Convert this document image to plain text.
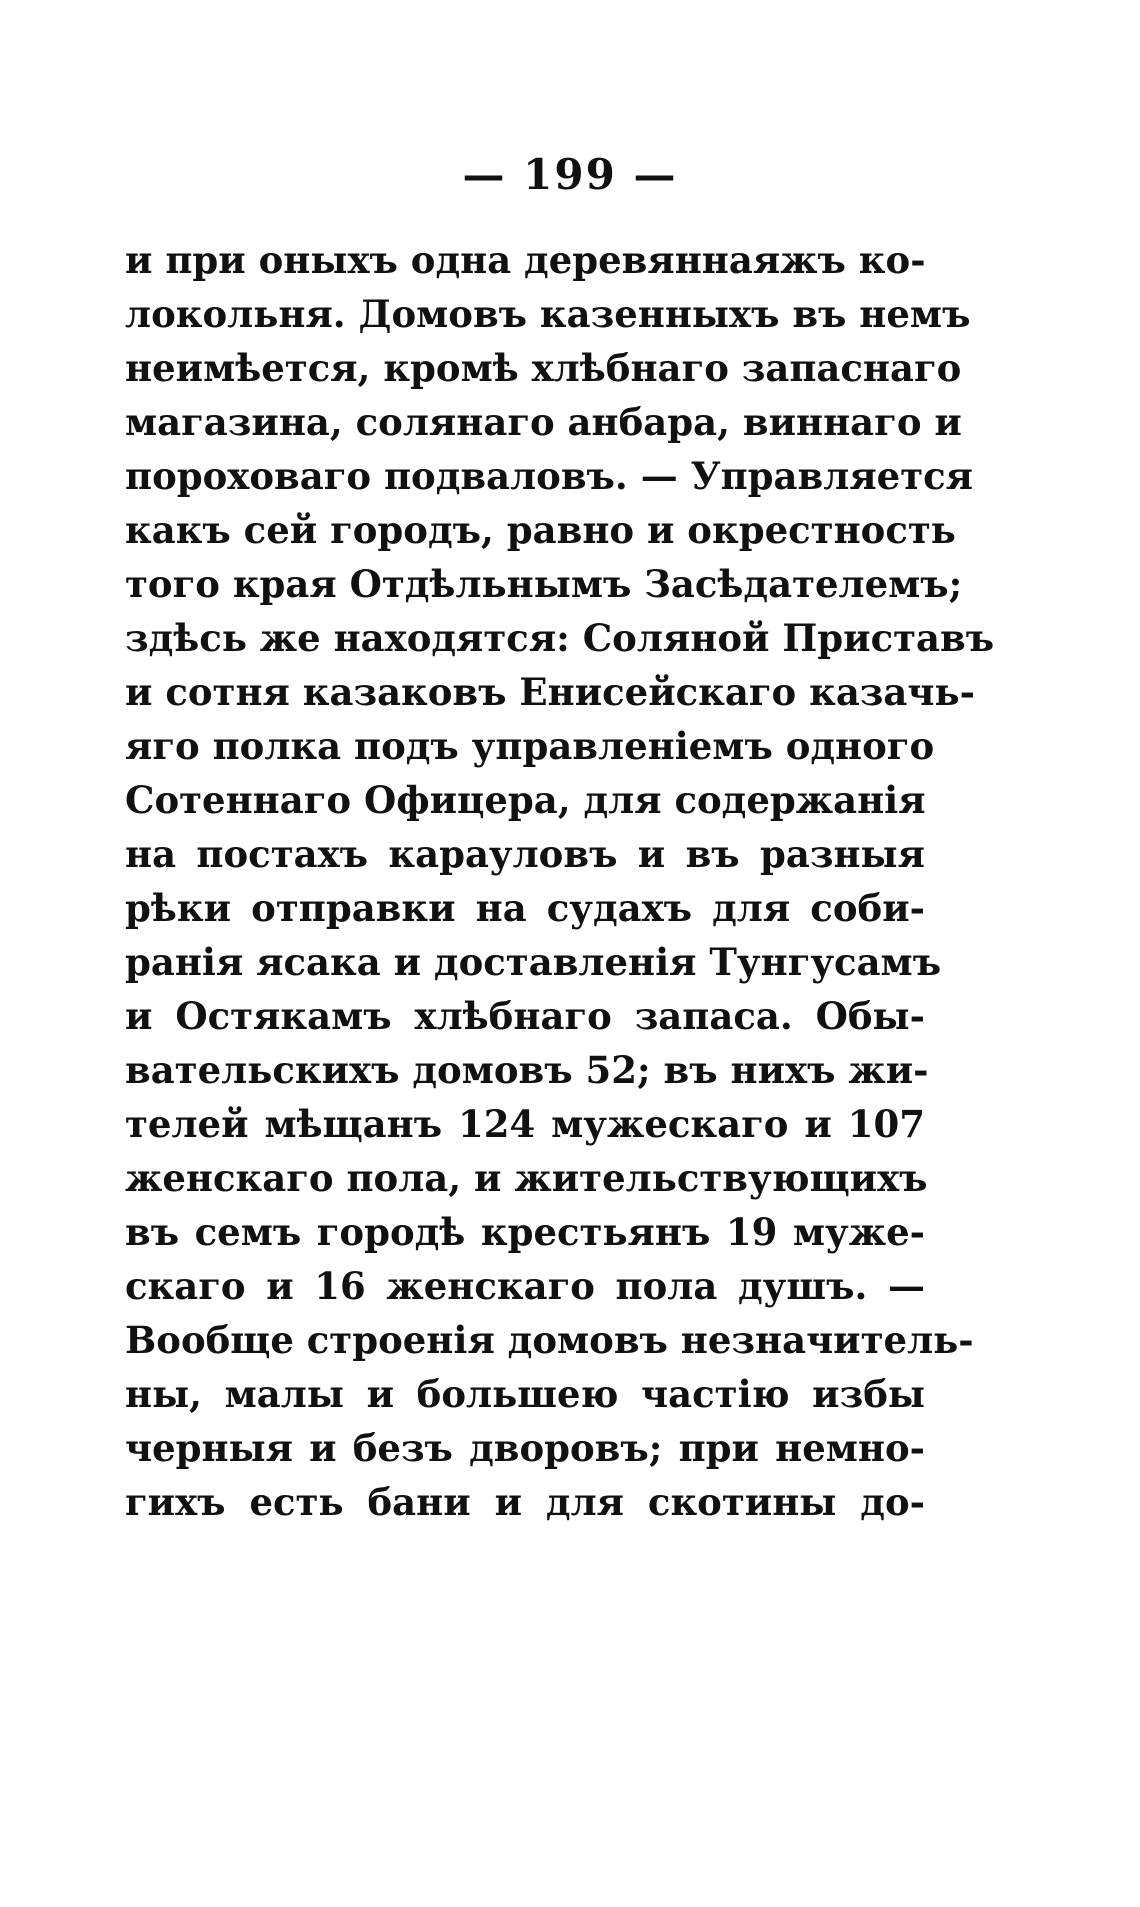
— 199 —
и при оныхъ одна деревяннаяжъ ко-
локольня. Домовъ казенныхъ въ немъ
неимѣется, кромѣ хлѣбнаго запаснаго
магазина, солянаго анбара, виннаго и
пороховаго подваловъ. — Управляется
какъ сей городъ, равно и окрестность
того края Отдѣльнымъ Засѣдателемъ;
здѣсь же находятся: Соляной Приставъ
и сотня казаковъ Енисейскаго казачь-
яго полка подъ управленіемъ одного
Сотеннаго Офицера, для содержанія
на постахъ карауловъ и въ разныя
рѣки отправки на судахъ для соби-
ранія ясака и доставленія Тунгусамъ
и Остякамъ хлѣбнаго запаса. Обы-
вательскихъ домовъ 52; въ нихъ жи-
телей мѣщанъ 124 мужескаго и 107
женскаго пола, и жительствующихъ
въ семъ городѣ крестьянъ 19 муже-
скаго и 16 женскаго пола душъ. —
Вообще строенія домовъ незначитель-
ны, малы и большею частію избы
черныя и безъ дворовъ; при немно-
гихъ есть бани и для скотины до-
